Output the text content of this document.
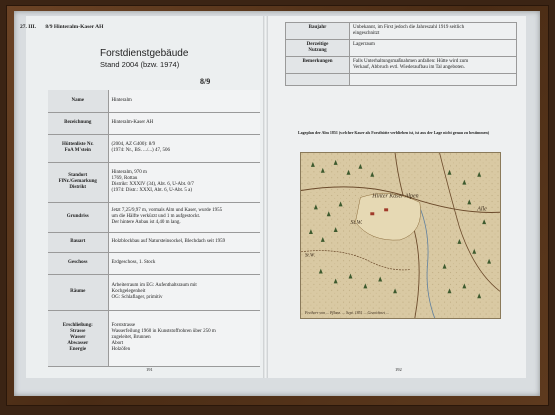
27. III. 8/9 Hinteralm-Kaser AH
Forstdienstgebäude
Stand 2004 (bzw. 1974)
8/9
Name	Hinteralm

Bezeichnung	Hinteralm-Kaser AH

Hüttenliste Nr.
FoA M'stein	(2004, AZ G400): 8/9
(1974: Nr., BS. .../...) 47, 506

Standort
FlNr./Gemarkung
Distrikt	Hinteralm, 970 m
1769, Rottau
Distrikt: XXXIV (34), Abt. 6, U-Abt. 0/7
(1974: Distr.: XXXI, Abt. 6, U-Abt. 5 a)

Grundriss	Jetzt 7,25/9,97 m, vormals Alm und Kaser, wurde 1955
um die Hälfte verkürzt und 1 m aufgestockt.
Der hintere Anbau ist 4,40 m lang.

Bauart	Holzblockbau auf Natursteinsockel, Blechdach seit 1959

Geschoss	Erdgeschoss, 1. Stock

Räume	Arbeiterraum im EG: Aufenthaltsraum mit
Kochgelegenheit
OG: Schlaflager, primitiv

Erschließung:
Strasse
Wasser
Abwasser
Energie	Forststrasse
Wasserfeilung 1960 in Kunststoffrohren über 250 m
zugeleitet, Brunnen
Abort
Holzöfen
191
Baujahr	Unbekannt, im First jedoch die Jahreszahl 1919 seitlich
eingeschnitzt

Derzeitige
Nutzung	Lagerraum

Bemerkungen	Falls Unterhaltungsmaßnahmen anfallen: Hütte wird zum
Verkauf, Abbruch evtl. Wiederaufbau im Tal angeboten.

Lageplan der Alm 1851 (welcher Kaser als Forsthütte verblieben ist, ist aus der Lage nicht genau zu bestimmen)
Hinter Kaser Alpen
St.W.
Alle
St.W.
Freiherr von ... Pflanz. ... Sept. 1851 ... Gezeichnet ...
192
